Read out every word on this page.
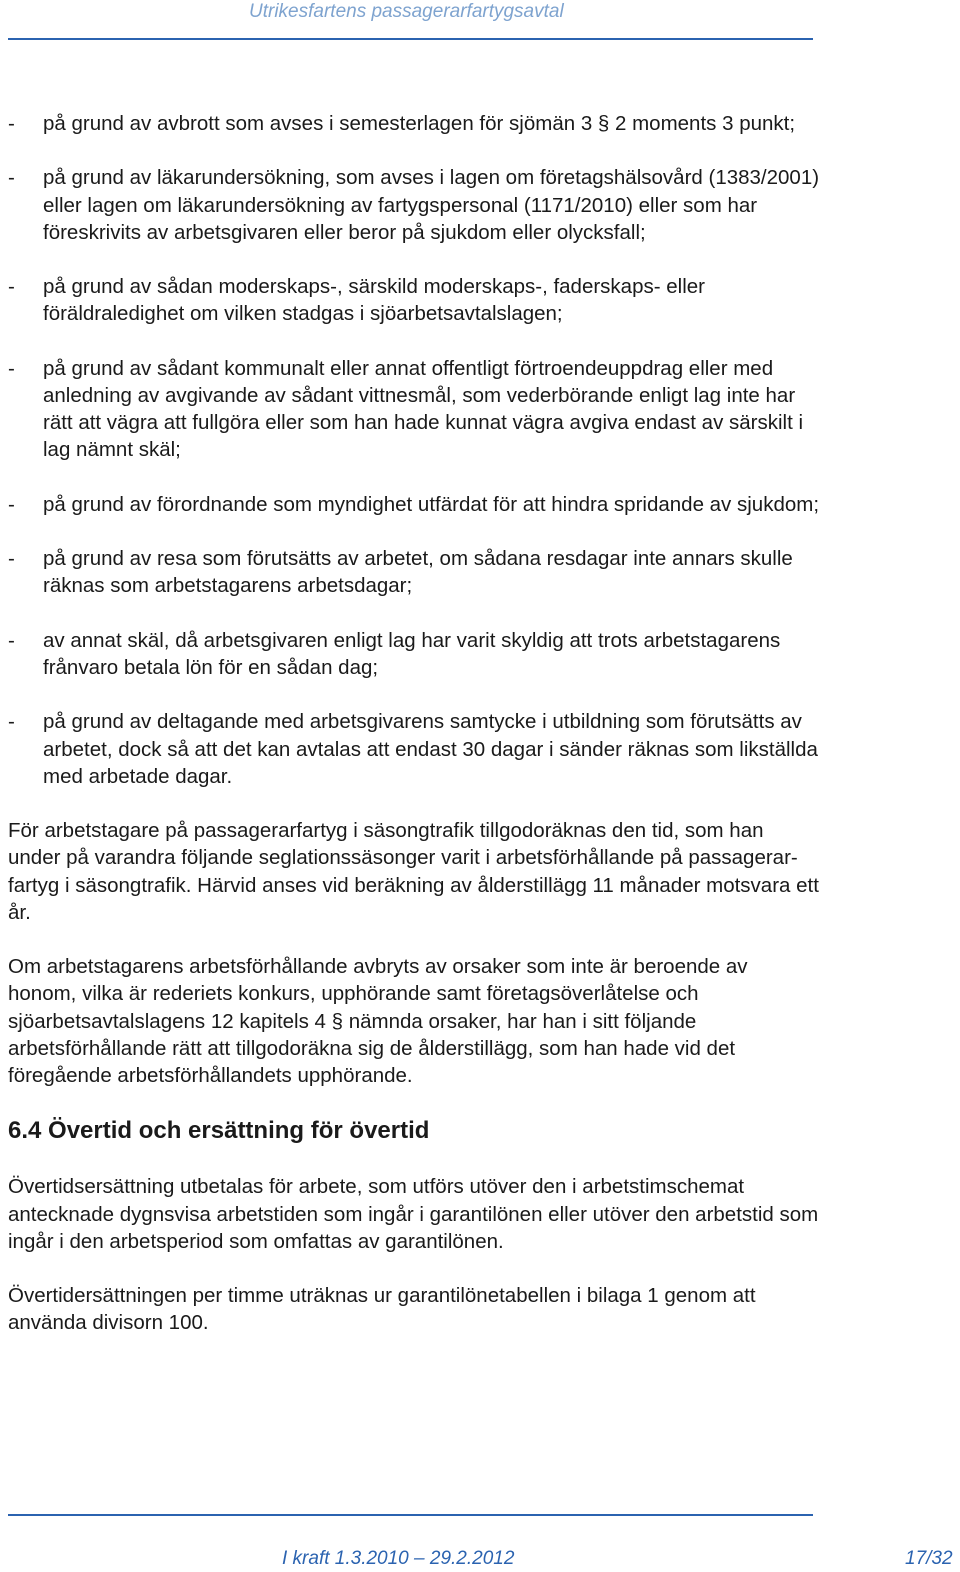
Utrikesfartens passagerarfartygsavtal
- på grund av avbrott som avses i semesterlagen för sjömän 3 § 2 moments 3 punkt;
- på grund av läkarundersökning, som avses i lagen om företagshälsovård (1383/2001) eller lagen om läkarundersökning av fartygspersonal (1171/2010) eller som har föreskrivits av arbetsgivaren eller beror på sjukdom eller olycksfall;
- på grund av sådan moderskaps-, särskild moderskaps-, faderskaps- eller föräldraledighet om vilken stadgas i sjöarbetsavtalslagen;
- på grund av sådant kommunalt eller annat offentligt förtroendeuppdrag eller med anledning av avgivande av sådant vittnesmål, som vederbörande enligt lag inte har rätt att vägra att fullgöra eller som han hade kunnat vägra avgiva endast av särskilt i lag nämnt skäl;
- på grund av förordnande som myndighet utfärdat för att hindra spridande av sjukdom;
- på grund av resa som förutsätts av arbetet, om sådana resdagar inte annars skulle räknas som arbetstagarens arbetsdagar;
- av annat skäl, då arbetsgivaren enligt lag har varit skyldig att trots arbetstagarens frånvaro betala lön för en sådan dag;
- på grund av deltagande med arbetsgivarens samtycke i utbildning som förutsätts av arbetet, dock så att det kan avtalas att endast 30 dagar i sänder räknas som likställda med arbetade dagar.

För arbetstagare på passagerarfartyg i säsongtrafik tillgodoräknas den tid, som han under på varandra följande seglationssäsonger varit i arbetsförhållande på passagerar-fartyg i säsongtrafik. Härvid anses vid beräkning av ålderstillägg 11 månader motsvara ett år.

Om arbetstagarens arbetsförhållande avbryts av orsaker som inte är beroende av honom, vilka är rederiets konkurs, upphörande samt företagsöverlåtelse och sjöarbetsavtalslagens 12 kapitels 4 § nämnda orsaker, har han i sitt följande arbetsförhållande rätt att tillgodoräkna sig de ålderstillägg, som han hade vid det föregående arbetsförhållandets upphörande.

6.4 Övertid och ersättning för övertid

Övertidsersättning utbetalas för arbete, som utförs utöver den i arbetstimschemat antecknade dygnsvisa arbetstiden som ingår i garantilönen eller utöver den arbetstid som ingår i den arbetsperiod som omfattas av garantilönen.

Övertidersättningen per timme uträknas ur garantilönetabellen i bilaga 1 genom att använda divisorn 100.

I kraft 1.3.2010 – 29.2.2012	17/32
